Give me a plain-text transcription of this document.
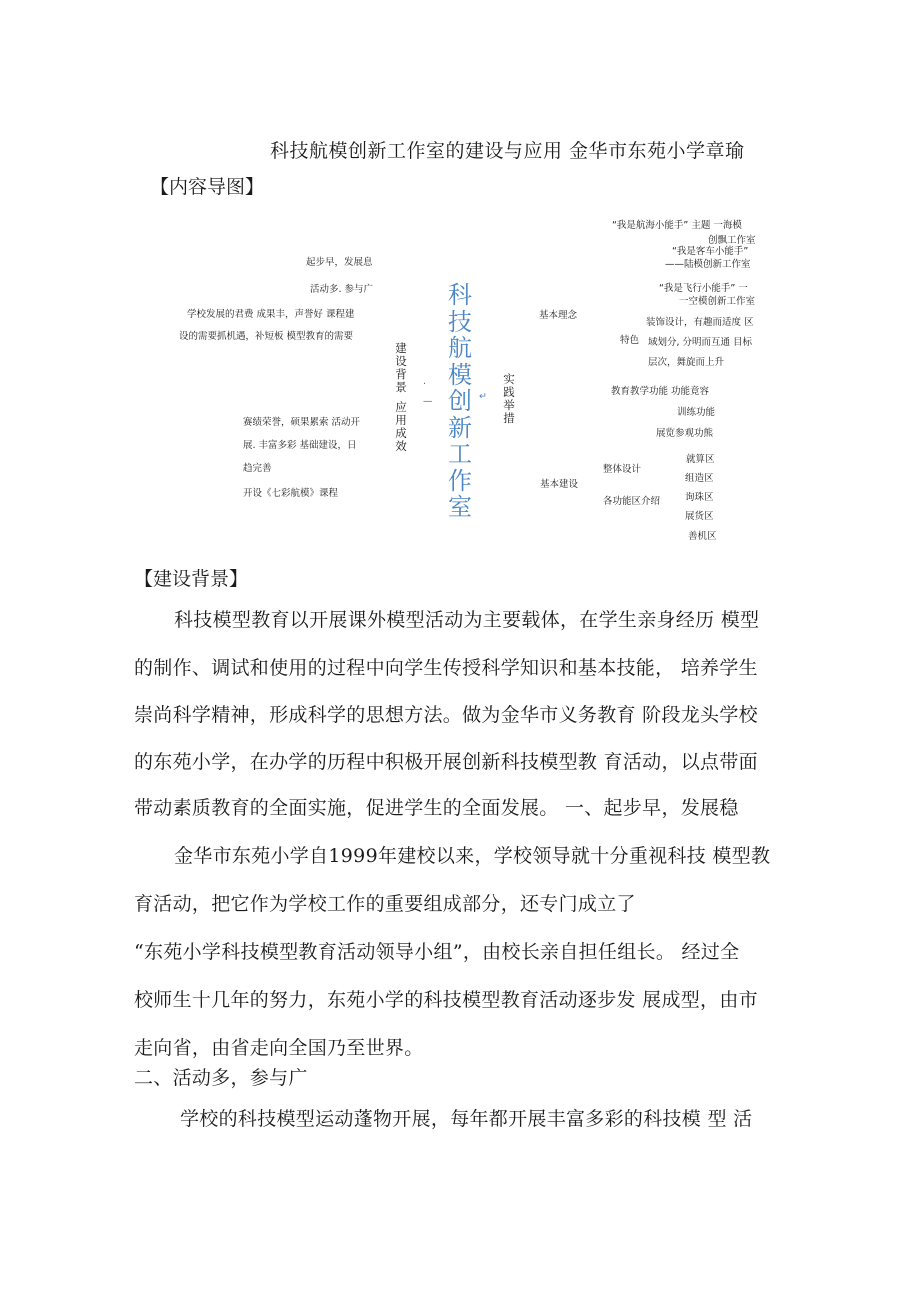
科技航模创新工作室的建设与应用 金华市东苑小学章瑜
【内容导图】
起步早，发展息
活动多. 参与广
学校发展的君费 成果丰，声誉好 课程建
设的需要抓机遇，补短板 模型教育的需要
赛绩荣誉，硕果累索 活动开
展. 丰富多彩 基础建设，日
趋完善
开设《七彩航模》课程
建设背景
应用成效
·
—
科技航模创新工作室
↵
实践举措
基本理念
“我是航海小能手” 主题 一海模
创飘工作室
“我是客车小能手”
——陆模创新工作室
“我是飞行小能手” 一
一空模创新工作室
特色
装饰设计，有趣而适度 区
域划分, 分明而互通 目标
层次，舞旋而上升
教育教学功能 功能竟容
训练功能
展览参观功熊
基本建设
整体设计
各功能区介绍
就算区
组造区
询珠区
展货区
善机区
【建设背景】
科技模型教育以开展课外模型活动为主要载体，在学生亲身经历 模型
的制作、调试和使用的过程中向学生传授科学知识和基本技能， 培养学生
崇尚科学精神，形成科学的思想方法。做为金华市义务教育 阶段龙头学校
的东苑小学，在办学的历程中积极开展创新科技模型教 育活动，以点带面
带动素质教育的全面实施，促进学生的全面发展。 一、起步早，发展稳
金华市东苑小学自1999年建校以来，学校领导就十分重视科技 模型教
育活动，把它作为学校工作的重要组成部分，还专门成立了
“东苑小学科技模型教育活动领导小组”，由校长亲自担任组长。 经过全
校师生十几年的努力，东苑小学的科技模型教育活动逐步发 展成型，由市
走向省，由省走向全国乃至世界。
二、活动多，参与广
学校的科技模型运动蓬物开展，每年都开展丰富多彩的科技模 型 活
